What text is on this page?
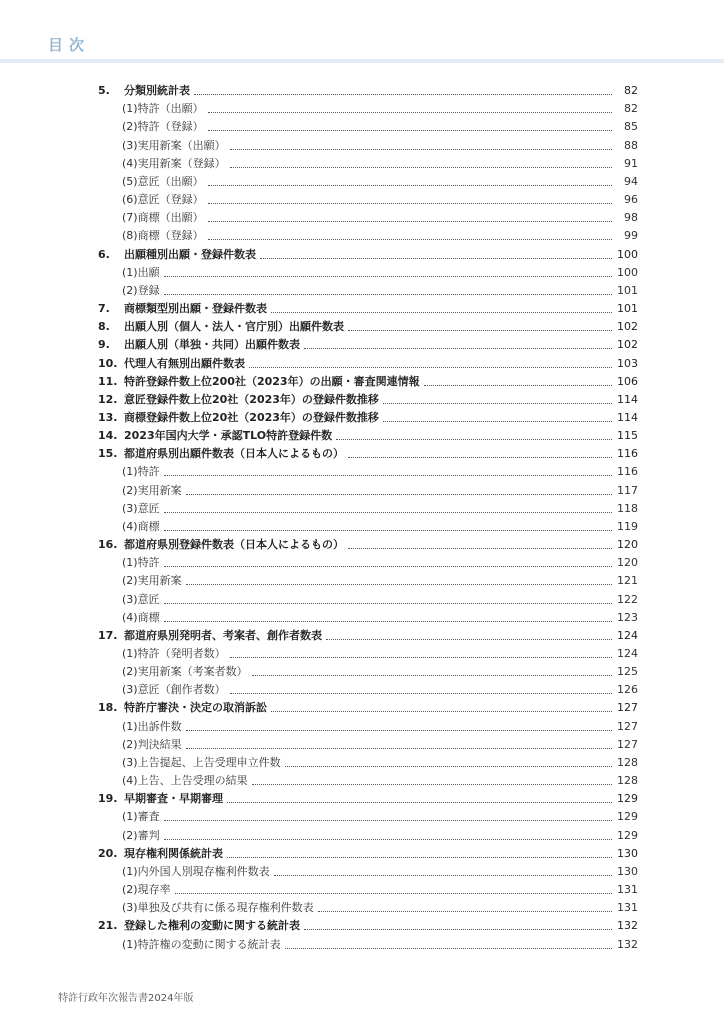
目次
5.	分類別統計表	82
(1) 特許（出願）	82
(2) 特許（登録）	85
(3) 実用新案（出願）	88
(4) 実用新案（登録）	91
(5) 意匠（出願）	94
(6) 意匠（登録）	96
(7) 商標（出願）	98
(8) 商標（登録）	99
6.	出願種別出願・登録件数表	100
(1) 出願	100
(2) 登録	101
7.	商標類型別出願・登録件数表	101
8.	出願人別（個人・法人・官庁別）出願件数表	102
9.	出願人別（単独・共同）出願件数表	102
10. 代理人有無別出願件数表	103
11. 特許登録件数上位200社（2023年）の出願・審査関連情報	106
12. 意匠登録件数上位20社（2023年）の登録件数推移	114
13. 商標登録件数上位20社（2023年）の登録件数推移	114
14. 2023年国内大学・承認TLO特許登録件数	115
15. 都道府県別出願件数表（日本人によるもの）	116
(1) 特許	116
(2) 実用新案	117
(3) 意匠	118
(4) 商標	119
16. 都道府県別登録件数表（日本人によるもの）	120
(1) 特許	120
(2) 実用新案	121
(3) 意匠	122
(4) 商標	123
17. 都道府県別発明者、考案者、創作者数表	124
(1) 特許（発明者数）	124
(2) 実用新案（考案者数）	125
(3) 意匠（創作者数）	126
18. 特許庁審決・決定の取消訴訟	127
(1) 出訴件数	127
(2) 判決結果	127
(3) 上告提起、上告受理申立件数	128
(4) 上告、上告受理の結果	128
19. 早期審査・早期審理	129
(1) 審査	129
(2) 審判	129
20. 現存権利関係統計表	130
(1) 内外国人別現存権利件数表	130
(2) 現存率	131
(3) 単独及び共有に係る現存権利件数表	131
21. 登録した権利の変動に関する統計表	132
(1) 特許権の変動に関する統計表	132
特許行政年次報告書2024年版
